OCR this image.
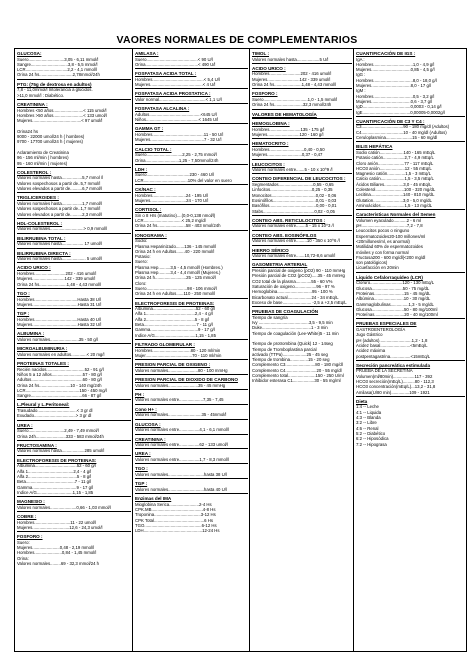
VAORES NORMALES DE COMPLEMENTARIOS
GLUCOSA:
Suero..............................3,05 - 6,11 mmol/l
Sangre...............................3,8 - 5,5 mmol/l
LCR...................................2,2 - 4,1 mmol/l
Orina 24 hs............................2,78mmol/24h
PTG: (75g de dextrosa en adultos)
7,8 - 11,0mmol/l Intolerancia a glúcidos.
>11,0 mmol/l : Diabético.
CREATININA :
Hombres <50 años.........................< 115 umol/l
Hombres >50 años.........................< 133 umol/l
Mujeres.........................................< 97 umol/l

Orina24 hs
9000 - 22000 umol/24 h ( hombres)
9700 - 17700 umol/24 h ( mujeres)

Aclaramiento de Creatinina
96 - 156 ml/min ( hombres)
95 - 160 ml/min ( mujeres)
COLESTEROL :
Valores normales hasta.................5,7 mmol /l
Valores sospechosos a partir de..5,7 mmol/l
Valores elevados a partir de..........6,7 mmol/l
TRIGLICEROIDES :
Valores normales hasta.................1,7 mmol/l
Valores sospechosos a partir de..1,7 mmol/l
Valores elevados a partir de..........2,3 mmol/l
HDL-COLESTEROL :
Valores normales............................> 0,9 mmol/l
BILIRRUBINA TOTAL :
Valores normales hasta.................. 17 umol/l
BILIRRUBINA DIRECTA :
Valores normales hasta.................... 5 umol/l
ACIDO URICO :
Hombres..........................202 - 416 umol/l
Mujeres...........................142 - 339 umol/l
Orina 24 hs.......................1,48 - 4,43 mmol/l
TGO :
Hombres....................................Hasta 38 U/l
Mujeres......................................Hasta 31 U/l
TGP :
Hombres....................................Hasta 40 U/l
Mujeres......................................Hasta 32 U/l
ALBUMINA :
Valores normales........................35 - 50 g/l
MICROALBUMINURIA :
Valores normales en adultos.............< 20 mg/l
PROTEINAS TOTALES :
Recién nacidos................................52 - 91 g/l
Niños 5 a 12 años..........................57 - 80 g/l
Adultos...........................................60 - 80 g/l
Orina 24 hs..........................10 - 140 mg/24h
LCR.............................................150 - 450 mg/l
Sangre...........................................66 - 87 g/l
L.Pleural y L.Peritoneal:
Trasudado.................................< 3 gr dl
Exudado...................................> 3 gr dl
UREA :
Suero..............................2,49 - 7,49 mmol/l
Orina 24h.........................333 - 583 mmol/24h
FRUCTOSAMINA :
Valores normales hasta...................285 umol/l
ELECTROFORESIS DE PROTEINAS:
Albumina...................................52 - 60 g/l
Alfa 1......................................2,4 - 4 g/l
Alfa 2.........................................5 - 8 g/l
Beta.........................................7 - 11 g/l
Gamma.....................................9 - 17 g/l
Indice A/G..............................1,15 - 1,85
MAGNESIO :
Valores normales......................0,66 - 1,03 mmol/l
COBRE :
Hombres..............................11 - 22 umol/l
Mujeres...............................12,6 - 24,3 umol/l
FOSFORO :
Suero:
Mujeres.......................0,48 - 2,19 mmol/l
Hombres.......................0,84 - 1,45 mmol/l
Orina:
Valores normales.........69 - 32,3 mmol/24 h
AMILASA :
Suero...........................................< 90 U/l
Orina............................................< 490 U/l
FOSFATASA ACIDA TOTAL :
Hombres...........................................< 5,4 U/l
Mujeres............................................< 4 U/l
FOSFATASA ACIDA PROSTATICA :
Valor normal.......................................< 1,1 U/l
FOSFATASA ALCALINA :
Adultos...........................................<645 U/l
Niños............................................< 1645 U/l
GAMMA GT :
Hombres...........................................11 - 50 U/l
Mujeres.............................................7 - 32 U/l
CALCIO TOTAL :
Suero..............................2,25 - 2,75 mmol/l
Orina............................1,25 - 7,50mmol/24h
LDH :
Suero....................................230 - 460 U/l
LCR.....................................10% del valor en suero
CK/NAC :
Hombres............................24 - 195 U/l
Mujeres..............................24 - 170 U/l
CORTISOL :
Sin o 8 Hrs (matutino)....(0,0-0,138 nmol/l)
LCR................................< 25,2 mg/dl
Orina 24 hs........................58 - 403 nmol/24h
IONOGRAMA :
Sodio:
Plasma Heparinizado.......136 - 145 mmol/l
Orina 24 h en Adultos.......40 - 220 mmol/l
Potasio:
Suero:
Plasma Hep..........3,5 - 4,5 mmol/l (Hombres.)
Plasma Hep..........3,4 - 4,4 mmol/l (Mujeres.)
Orina 24 h..........................25 - 125 mmol/l
Cloro:
Suero..................................98 - 106 mmol/l
Orina 24 h en Adultos......110 - 250 mmol/l
ELECTROFORESIS DE PROTEINAS:
Albumina....................................52 - 60 g/l
Alfa 1.........................................2,4 - 4 g/l
Alfa 2.........................................5 - 8 g/l
Beta............................................7 - 11 g/l
Gamma........................................9 - 17 g/l
Indice A/G..................................1,15 - 1,85
FILTRADO GLOMERULAR :
Hombres................................80 - 120 ml/min
Mujer.......................................70 - 110 ml/min
PRESION PARCIAL DE OXIGENO :
Valores normales.........................80 - 100 mmHg
PRESION PARCIAL DE DIOXIDO DE CARBONO
Valores normales.........................35 - 45 mmHg
PH :
Valores normales entre....................7,35 - 7,45
Cono H+ :
Valores normales............................35 - 45nmol/l
GLUCOSA :
Valores normales entre.................4,1 - 6,1 mmol/l
CREATININA :
Valores normales entre.................62 - 133 umol/l
UREA :
Valores normales entre.................1,7 - 8,3 mmol/l
TGO :
Valores normales..............................hasta 38 U/l
TGP :
Valores normales..............................hasta 40 U/l
Enzimas del IMA
Mioglobina Serica.........................2-4 Hs
CPK.MB...........................................4-8 Hs
Troponina.......................................3-12 Hs
CPK Total..........................................6 Hs
TGO................................................6-12 Hs
LDH.................................................12-24 Hs
TIMOL :
Valores normales hasta...................5 U/l
ACIDO URICO :
Hombres..........................202 - 416 umol/l
Mujeres...........................142 - 339 umol/l
Orina 24 hs.......................1,48 - 4,43 mmol/l
FOSFORO :
Suero.....................................1,0 - 1,5 mmol/l
Orina 24 hs........................32,3 mmol/24h
VALORES DE HEMATOLOGÍA
HEMOGLOBINA :
Hombres..........................135 - 175 g/l
Mujeres...........................120 - 160 g/l
HEMATOCRITO :
Hombres.............................0,40 - 0,50
Mujeres.............................0,37 - 0,47
LEUCOCITOS :
Valores normales entre.......5 - 10 x 10^9 /l
CONTEO DIFERENCIAL DE LEUCOCITOS :
Segmentados.............................0,55 - 0,65
Linfocitos...................................0,25 - 0,35
Monocitos.....................................0,02 - 0,06
Eosinófilos....................................0,01 - 0,03
Basófilos.......................................0,00 - 0,01
Stabs...........................................0,02 - 0,05
CONTEO ABS. RETICULOCITOS :
Valores normales entre........5 - 15 x 10^3 /l
CONTEO ABS. EOSINÓFILOS
Valores normales entre.........10 - 350 x 10^6 /l
HIERRO SÉRICO
Valores normales entre.......10,72-8,6 umol/l
GASOMETRIA ARTERIAL
Presión parcial de oxigeno (pO2) 90 - 110 mmHg
Presión parcial de CO2 (pCO2).....35 - 45 mmHg
CO2 total de la plasma.............55 - 60 V%
Saturación de oxigeno..................96 - 97 %
Hemoglobina.............................95 - 100 %
Bicarbonato actual....................24 - 34 mEq/L
Exceso de base........................ -2,5 a +2,5 mEq/L
PRUEBAS DE COAGULACIÓN
Tiempo de sangría
Ivy ..........................................3,5 - 9,5 min
Duke.........................................1 - 3 min
Tiempo de coagulación (Lee-White)5 - 11 min

Tiempo de protrombina (Quick) 12 - 14seg
Tiempo de Tromboplastina parcial
activado (TTPa)....................25 - 45 seg
Tiempo de trombina...............15 - 20 seg
Complemento C3.........................80 - 180 mg/dl
Complemento C4..........................20 - 55 mg/dl
Complemento total.......................150 - 250 U/ml
Inhibidor esterasa C1..................30 - 55 mg/ml
CUANTIFICACIÓN DE IGS :
IgA :
Hombres.................................1,0 - 4,9 g/l
Mujeres.................................0,85 - 4,5 g/l
IgG :
Hombres.................................8,0 - 18,0 g/l
Mujeres.................................8,0 - 17 g/l
IgM :
Hombres.................................0,5 - 3,2 g/l
Mujeres.................................0,6 - 3,7 g/l
IgD........................................0,0003 - 0,14 g/l
IgE........................................0,00005-0,0002g/l
CUANTIFICACIÓN DE C3 Y C4 :
C3...................................90 - 180 mg/dl (Adultos)
C4...................................10 - 40 mg/dl (Adultos)
Ceruloplasmina......................15 - 60 mg/dl
BILIS HEPÁTICA
Sodio catión....................140 - 165 mEq/L
Potasio catión..................2,7 - 4,9 mEq/L
Cloro anión......................77 - 117 mEq/L
HCO3 anión.....................12 - 55 mEq/L
Magnesio catión...............1,5 - 3 mEq/L
Calcio catión....................1,5 - 3,5 mEq/L
Ácidos Biliares................3,0 - 45 mEq/L
Colesterol........................100 - 320 mg/dL
Lecitina...........................140 - 810 mg/dL
Glutation.........................3,0 - 5,0 mg/dL
Aminoácidos....................1,5 - 13 mg/dL
Características Normales del Semen
Volumen eyaculado...........2 - 6 ml
pH......................................7,2 - 7,8
Leucocitos pocos o ninguno
Espermatozoides20-100 millones/ml
<20millones/ml, es anormal)
Motilidad 60% de espermatozoides
móviles y con forma normal
Fructosa200 - 600 mg/dl(<200 mg/dl
son patológicos)
Licuefacción en 20min
Líquido Cefalorraquídeo (LCR)
Cloruro...........................120 - 130 mEq/L
Glucosa..........................50 - 75 mg/dL
Proteinas.........................15 - 45 mg/dL
Albúmina.........................10 - 30 mg/dL
Gammaglobulinas...............1,3 - 5 mg/dL
Glucosa...........................50 - 80 mg/100ml
Proteínas.........................20 - 40 mg/100ml
PRUEBAS ESPECIALES DE
GASTROENTEROLOGÍA
Jugo Gástrico
pH (adultos)...........................1,2 - 1,8
Acidez basal.........................<5mEq/L
Acidez máxima
postpentagastrina.................<15mEq/L
Secreción pancreática estimulada
PRUEBA DE LA SECRETINA
Volumen(ml/80min)..................117 - 392
HCO3 secreción(mEq/L)..........80 - 112,3
HCO3 concentración(mEq/L)...13,2 - 31,8
Amilasa(U/80 min)...............109 - 1921
Dieta
1:4 -- Leche
4:1 -- Liquida
4:3 -- Blanda
3:2 -- Libre
4:6 -- Renal
5:2 -- Diabético
6:2 -- Hiposódica
7:2 -- Hipograsa
